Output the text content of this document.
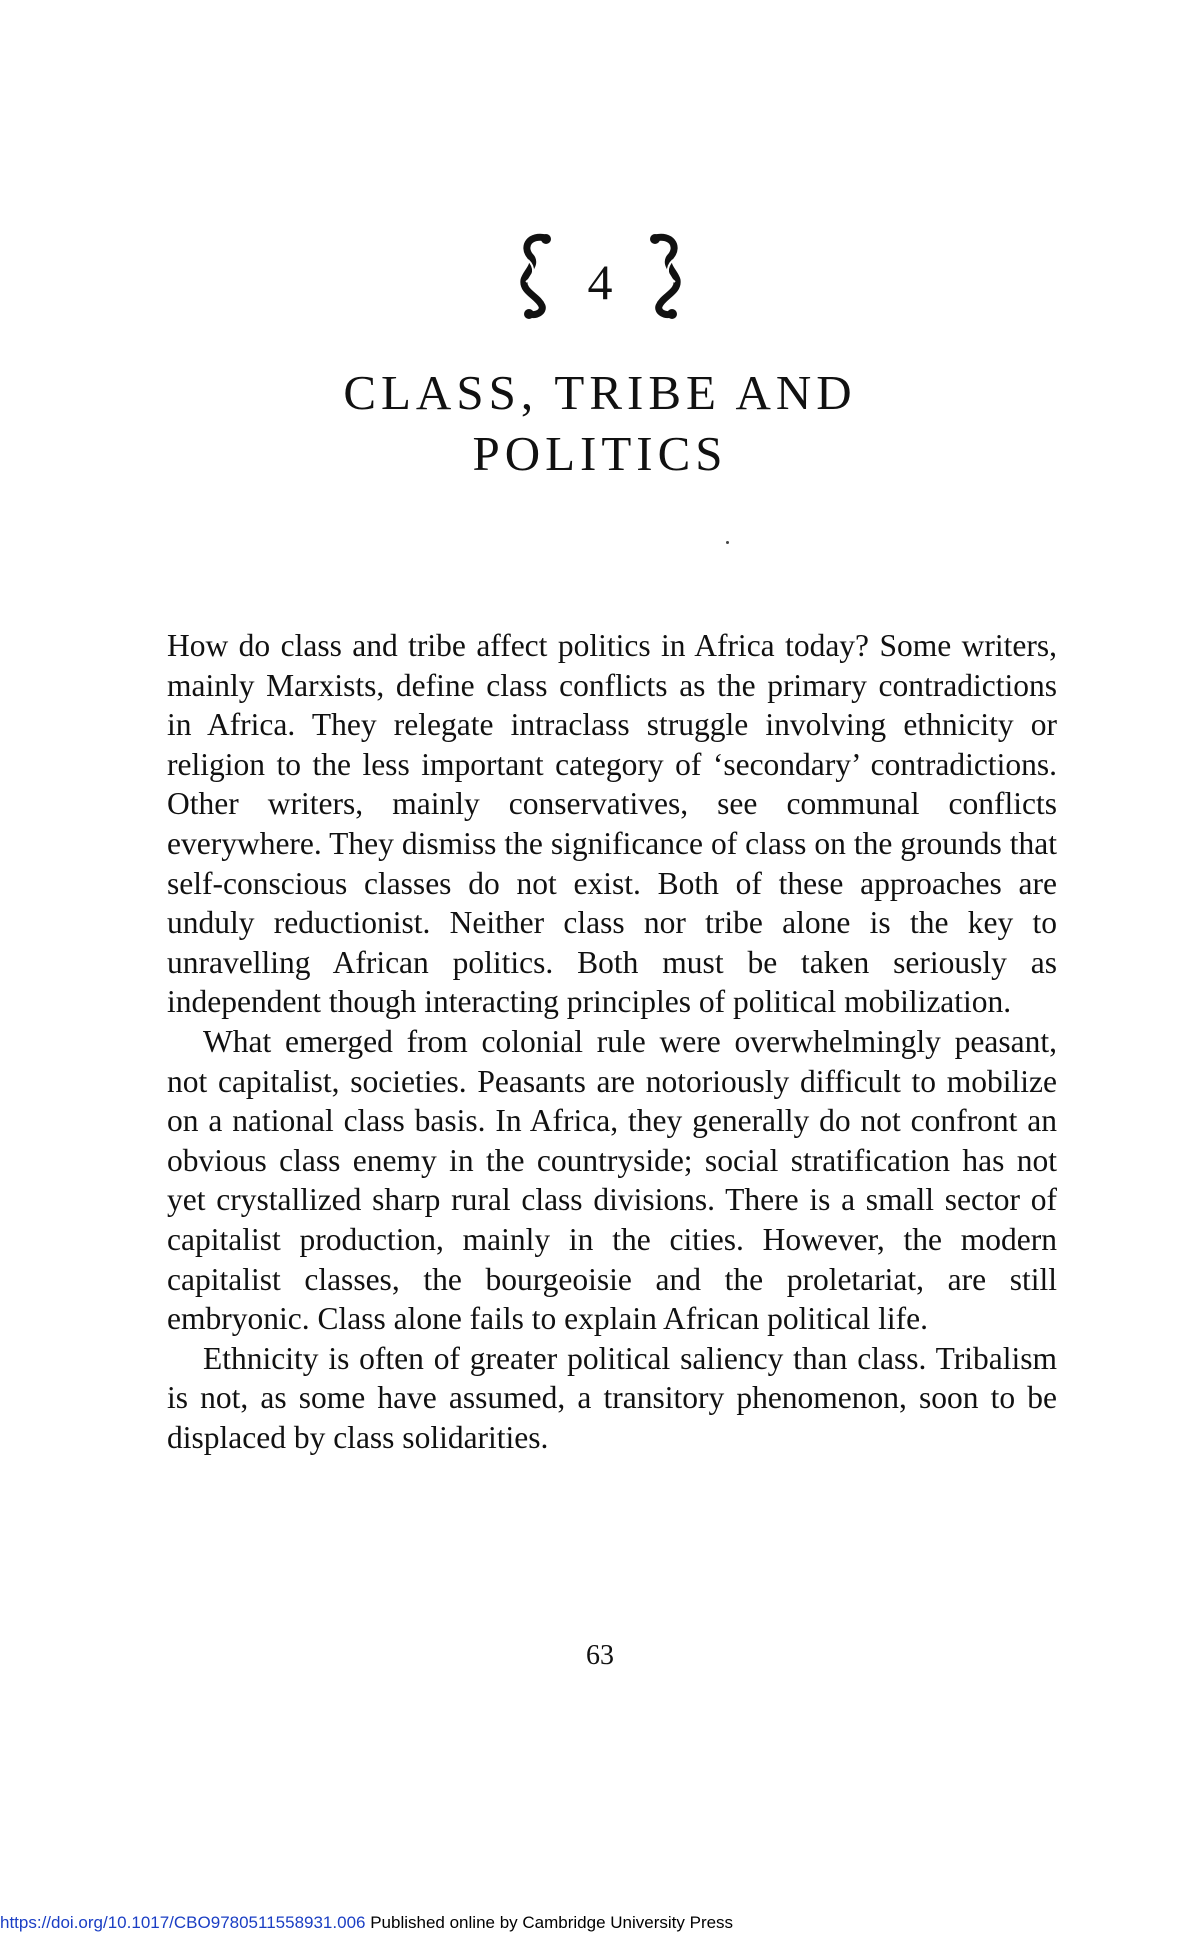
4
CLASS, TRIBE AND
POLITICS

How do class and tribe affect politics in Africa today? Some writers, mainly Marxists, define class conflicts as the primary contradictions in Africa. They relegate intraclass struggle involving ethnicity or religion to the less important category of ‘secondary’ contradictions. Other writers, mainly conservatives, see communal conflicts everywhere. They dismiss the significance of class on the grounds that self-conscious classes do not exist. Both of these approaches are unduly reductionist. Neither class nor tribe alone is the key to unravelling African politics. Both must be taken seriously as independent though interacting principles of political mobilization.

What emerged from colonial rule were overwhelmingly peasant, not capitalist, societies. Peasants are notoriously difficult to mobilize on a national class basis. In Africa, they generally do not confront an obvious class enemy in the countryside; social stratification has not yet crystallized sharp rural class divisions. There is a small sector of capitalist production, mainly in the cities. However, the modern capitalist classes, the bourgeoisie and the proletariat, are still embryonic. Class alone fails to explain African political life.

Ethnicity is often of greater political saliency than class. Tribalism is not, as some have assumed, a transitory phenomenon, soon to be displaced by class solidarities.

63
https://doi.org/10.1017/CBO9780511558931.006 Published online by Cambridge University Press
